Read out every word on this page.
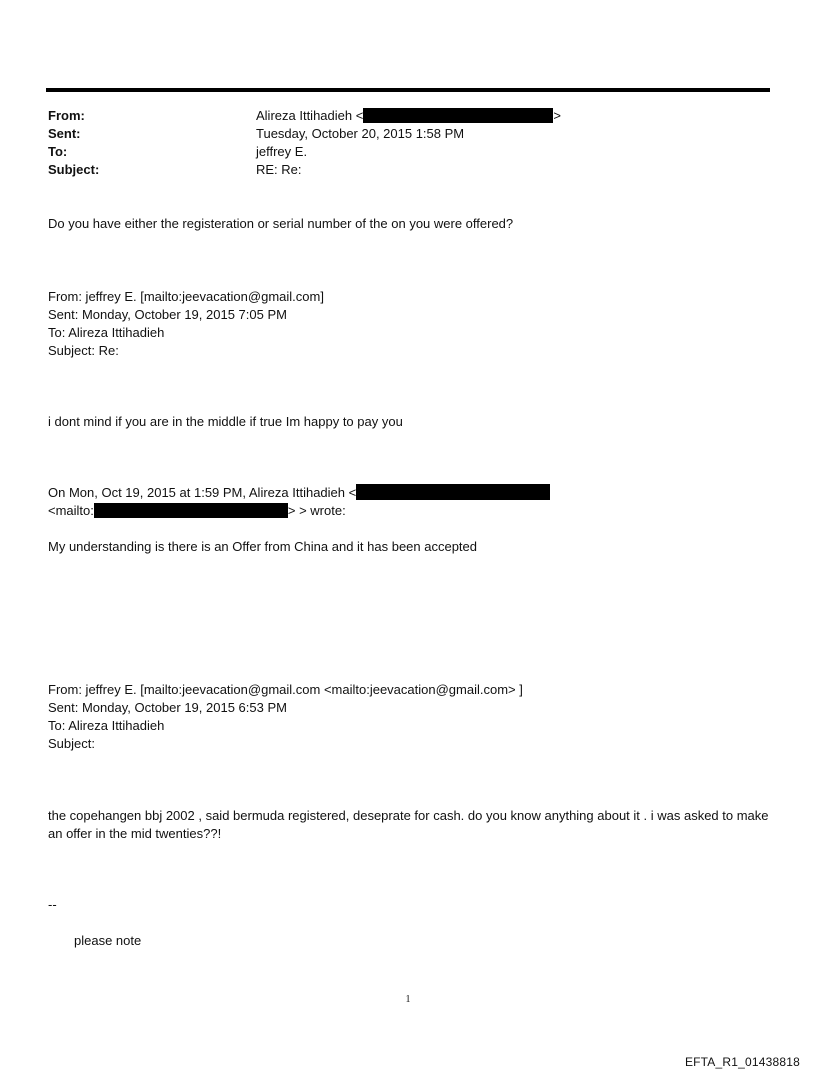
From:	Alireza Ittihadieh <	>
Sent:	Tuesday, October 20, 2015 1:58 PM
To:	jeffrey E.
Subject:	RE: Re:
Do you have either the registeration or serial number of the on you were offered?
From: jeffrey E. [mailto:jeevacation@gmail.com]
Sent: Monday, October 19, 2015 7:05 PM
To: Alireza Ittihadieh
Subject: Re:
i dont mind if you are in the middle if true Im happy to pay you
On Mon, Oct 19, 2015 at 1:59 PM, Alireza Ittihadieh <
<mailto:	> > wrote:
My understanding is there is an Offer from China and it has been accepted
From: jeffrey E. [mailto:jeevacation@gmail.com <mailto:jeevacation@gmail.com> ]
Sent: Monday, October 19, 2015 6:53 PM
To: Alireza Ittihadieh
Subject:
the copehangen bbj 2002 , said bermuda registered, deseprate for cash. do you know anything about it . i was asked to make an offer in the mid twenties??!
--
please note
1
EFTA_R1_01438818
